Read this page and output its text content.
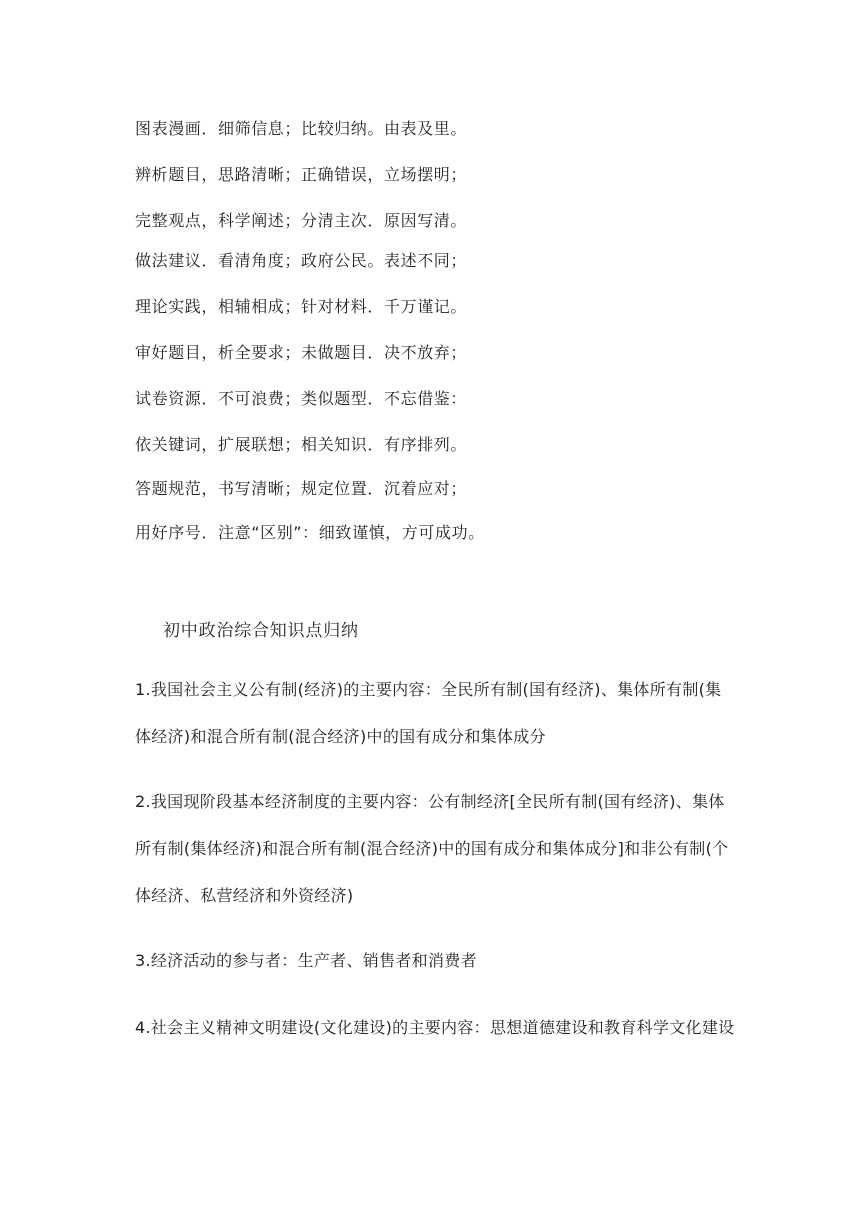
图表漫画．细筛信息；比较归纳。由表及里。
辨析题目，思路清晰；正确错误，立场摆明；
完整观点，科学阐述；分清主次．原因写清。
做法建议．看清角度；政府公民。表述不同；
理论实践，相辅相成；针对材料．千万谨记。
审好题目，析全要求；未做题目．决不放弃；
试卷资源．不可浪费；类似题型．不忘借鉴：
依关键词，扩展联想；相关知识．有序排列。
答题规范，书写清晰；规定位置．沉着应对；
用好序号．注意“区别”：细致谨慎，方可成功。
初中政治综合知识点归纳
1.我国社会主义公有制(经济)的主要内容：全民所有制(国有经济)、集体所有制(集体经济)和混合所有制(混合经济)中的国有成分和集体成分
2.我国现阶段基本经济制度的主要内容：公有制经济[全民所有制(国有经济)、集体所有制(集体经济)和混合所有制(混合经济)中的国有成分和集体成分]和非公有制(个体经济、私营经济和外资经济)
3.经济活动的参与者：生产者、销售者和消费者
4.社会主义精神文明建设(文化建设)的主要内容：思想道德建设和教育科学文化建设
